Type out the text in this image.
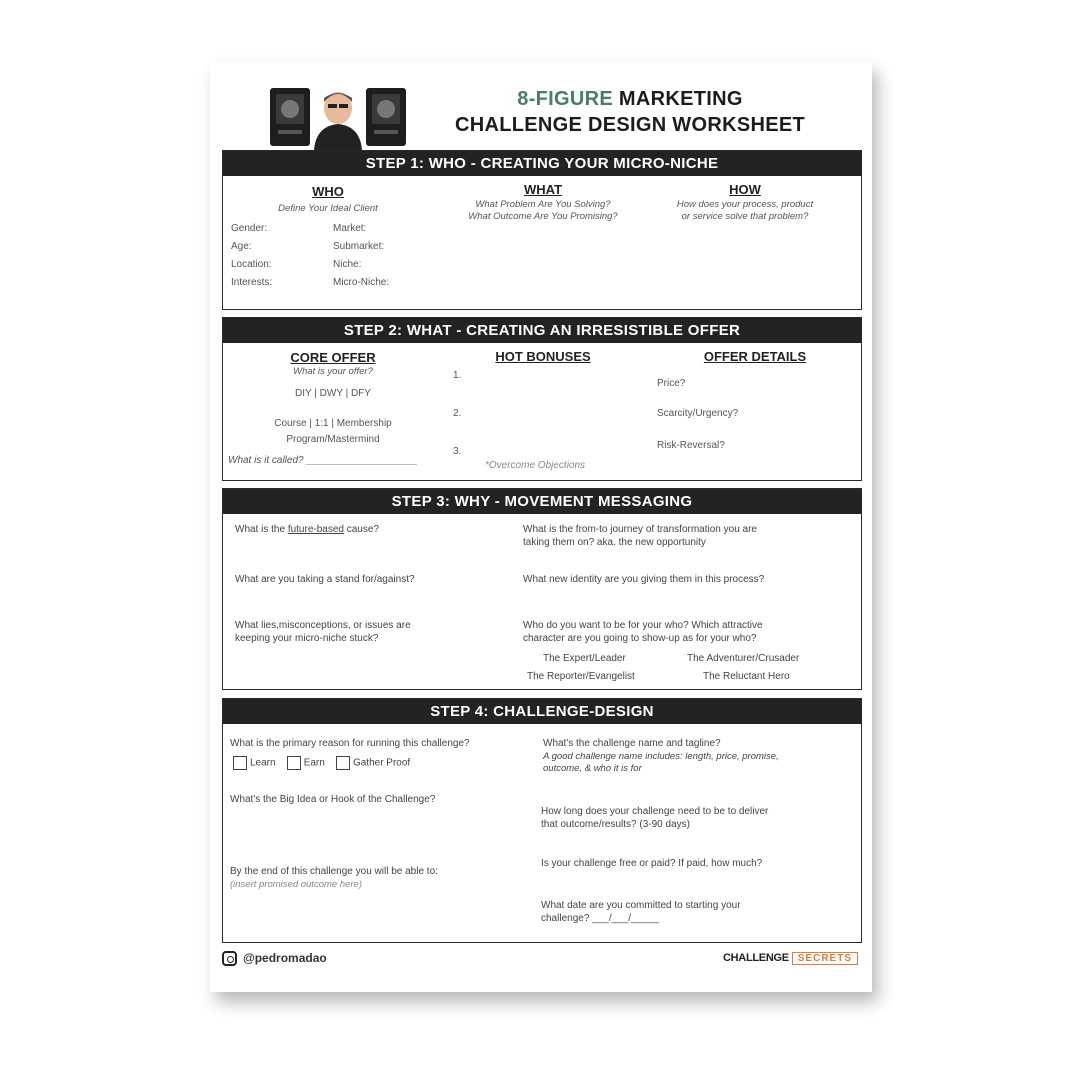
8-FIGURE MARKETING
CHALLENGE DESIGN WORKSHEET
STEP 1: WHO - CREATING YOUR MICRO-NICHE
WHO
Define Your Ideal Client
Gender:
Age:
Location:
Interests:
Market:
Submarket:
Niche:
Micro-Niche:
WHAT
What Problem Are You Solving?
What Outcome Are You Promising?
HOW
How does your process, product
or service solve that problem?
STEP 2: WHAT - CREATING AN IRRESISTIBLE OFFER
CORE OFFER
What is your offer?
DIY | DWY | DFY
Course | 1:1 | Membership
Program/Mastermind
What is it called? ____________________
HOT BONUSES
1.
2.
3.
*Overcome Objections
OFFER DETAILS
Price?
Scarcity/Urgency?
Risk-Reversal?
STEP 3: WHY - MOVEMENT MESSAGING
What is the future-based cause?
What are you taking a stand for/against?
What lies,misconceptions, or issues are
keeping your micro-niche stuck?
What is the from-to journey of transformation you are
taking them on? aka. the new opportunity
What new identity are you giving them in this process?
Who do you want to be for your who? Which attractive
character are you going to show-up as for your who?
The Expert/Leader	The Adventurer/Crusader
The Reporter/Evangelist	The Reluctant Hero
STEP 4: CHALLENGE-DESIGN
What is the primary reason for running this challenge?
Learn	Earn	Gather Proof
What's the Big Idea or Hook of the Challenge?
By the end of this challenge you will be able to:
(insert promised outcome here)
What's the challenge name and tagline?
A good challenge name includes: length, price, promise,
outcome, & who it is for
How long does your challenge need to be to deliver
that outcome/results? (3-90 days)
Is your challenge free or paid? If paid, how much?
What date are you committed to starting your
challenge? ___/___/_____
@pedromadao	CHALLENGE SECRETS
